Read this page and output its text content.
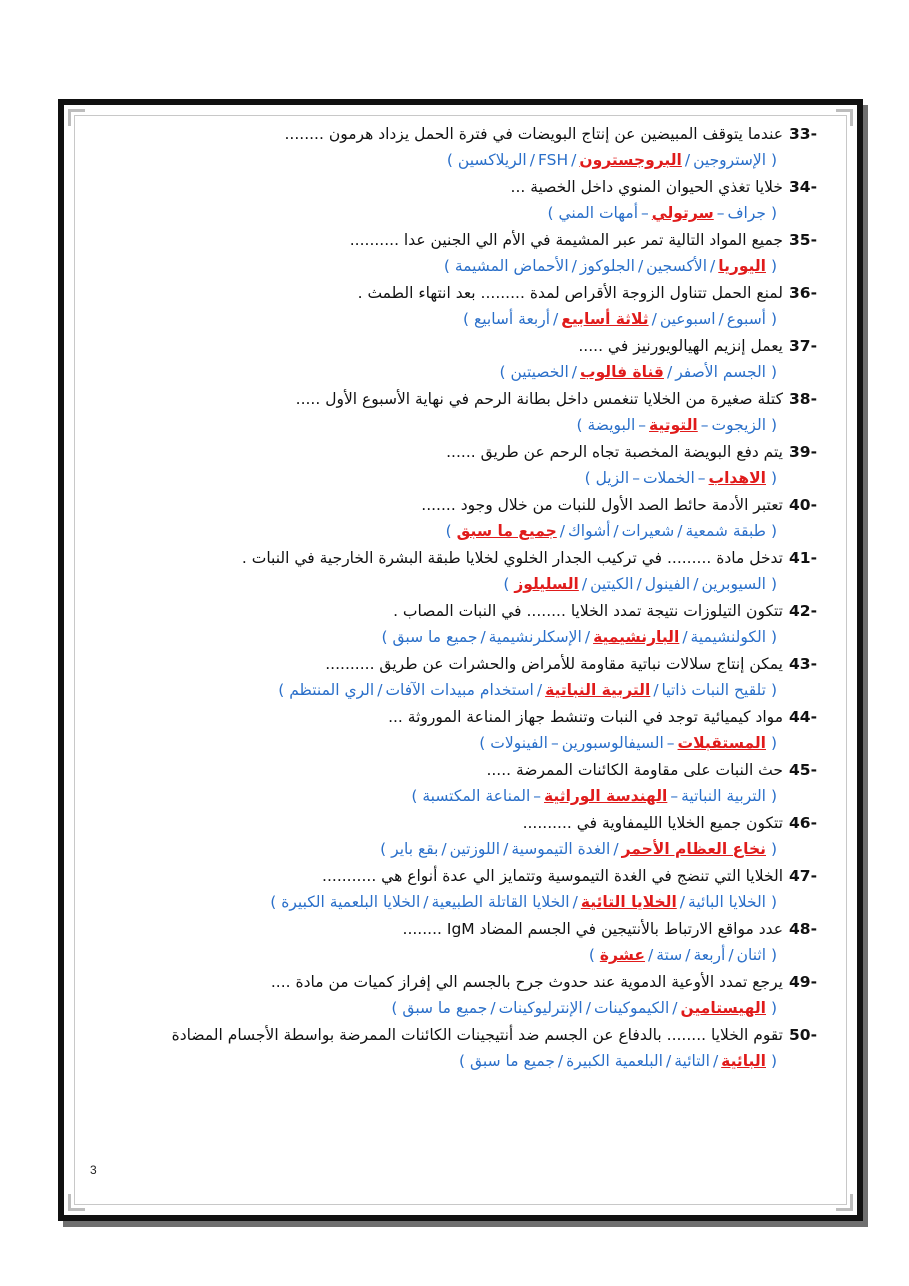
-33عندما يتوقف المبيضين عن إنتاج البويضات في فترة الحمل يزداد هرمون ........
( الإستروجين/البروجسترون/FSH/الريلاكسين )
-34خلايا تغذي الحيوان المنوي داخل الخصية ...
( جراف–سرتولي–أمهات المني )
-35جميع المواد التالية تمر عبر المشيمة في الأم الي الجنين عدا ..........
( اليوريا/الأكسجين/الجلوكوز/الأحماض المشيمة )
-36لمنع الحمل تتناول الزوجة الأقراص لمدة ......... بعد انتهاء الطمث .
( أسبوع/اسبوعين/ثلاثة أسابيع/أربعة أسابيع )
-37يعمل إنزيم الهيالويورنيز في .....
( الجسم الأصفر/قناة فالوب/الخصيتين )
-38كتلة صغيرة من الخلايا تنغمس داخل بطانة الرحم في نهاية الأسبوع الأول .....
( الزيجوت–التوتية–البويضة )
-39يتم دفع البويضة المخصبة تجاه الرحم عن طريق ......
( الاهداب–الخملات–الزيل )
-40تعتبر الأدمة حائط الصد الأول للنبات من خلال وجود .......
( طبقة شمعية/شعيرات/أشواك/جميع ما سبق )
-41تدخل مادة ......... في تركيب الجدار الخلوي لخلايا طبقة البشرة الخارجية في النبات .
( السيوبرين/الفينول/الكيتين/السليلوز )
-42تتكون التيلوزات نتيجة تمدد الخلايا ........ في النبات المصاب .
( الكولنشيمية/البارنشيمية/الإسكلرنشيمية/جميع ما سبق )
-43يمكن إنتاج سلالات نباتية مقاومة للأمراض والحشرات عن طريق ..........
( تلقيح النبات ذاتيا/التربية النباتية/استخدام مبيدات الآفات/الري المنتظم )
-44مواد كيميائية توجد في النبات وتنشط جهاز المناعة الموروثة ...
( المستقبلات–السيفالوسبورين–الفينولات )
-45حث النبات على مقاومة الكائنات الممرضة .....
( التربية النباتية–الهندسة الوراثية–المناعة المكتسبة )
-46تتكون جميع الخلايا الليمفاوية في ..........
( نخاع العظام الأحمر/الغدة التيموسية/اللوزتين/بقع باير )
-47الخلايا التي تنضج في الغدة التيموسية وتتمايز الي عدة أنواع هي ...........
( الخلايا البائية/الخلايا التائية/الخلايا القاتلة الطبيعية/الخلايا البلعمية الكبيرة )
-48عدد مواقع الارتباط بالأنتيجين في الجسم المضاد IgM ........
( اثنان/أربعة/ستة/عشرة )
-49يرجع تمدد الأوعية الدموية عند حدوث جرح بالجسم الي إفراز كميات من مادة ....
( الهيستامين/الكيموكينات/الإنترليوكينات/جميع ما سبق )
-50تقوم الخلايا ........ بالدفاع عن الجسم ضد أنتيجينات الكائنات الممرضة بواسطة الأجسام المضادة
( البائية/التائية/البلعمية الكبيرة/جميع ما سبق )
3
